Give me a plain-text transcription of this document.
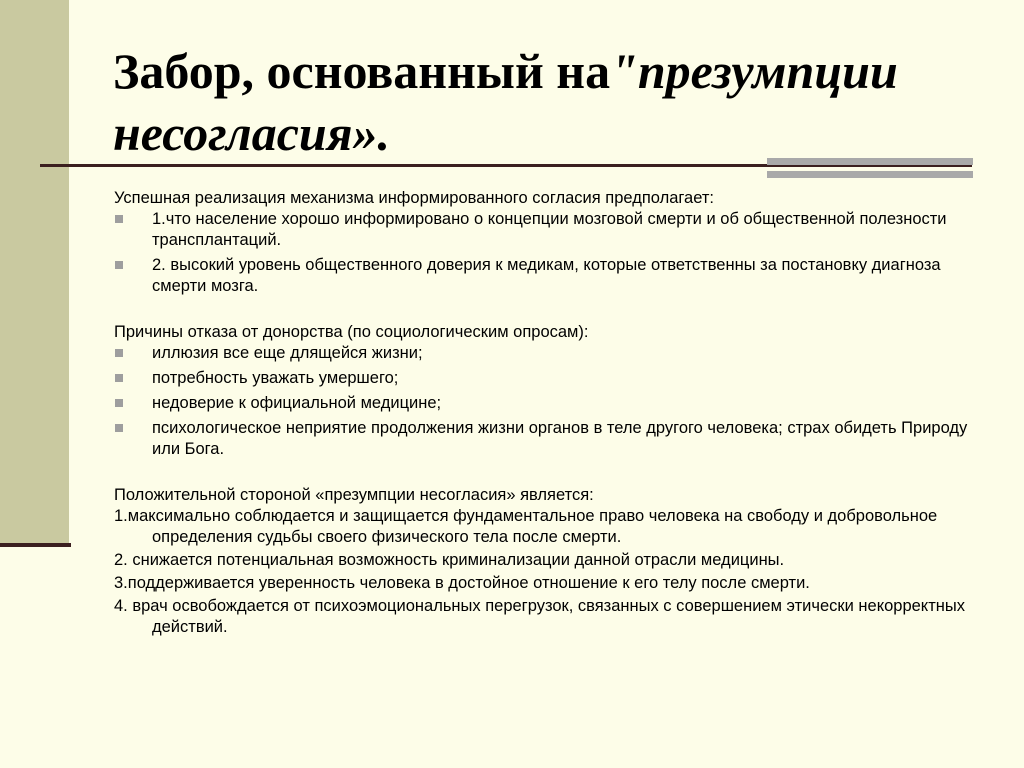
Забор, основанный на"презумпции
несогласия».

Успешная реализация механизма информированного согласия предполагает:

1.что население хорошо информировано о концепции мозговой смерти и об общественной полезности трансплантаций.
2. высокий уровень общественного доверия к медикам, которые ответственны за постановку диагноза смерти мозга.

Причины отказа от донорства (по социологическим опросам):

иллюзия все еще длящейся жизни;
потребность уважать умершего;
недоверие к официальной медицине;
психологическое неприятие продолжения жизни органов в теле другого человека; страх обидеть Природу или Бога.

Положительной стороной «презумпции несогласия» является:

1.максимально соблюдается и защищается фундаментальное право человека на свободу и добровольное определения судьбы своего физического тела после смерти.

2. снижается потенциальная возможность криминализации данной отрасли медицины.

3.поддерживается уверенность человека в достойное отношение к его телу после смерти.

4. врач освобождается от психоэмоциональных перегрузок, связанных с совершением этически некорректных действий.
